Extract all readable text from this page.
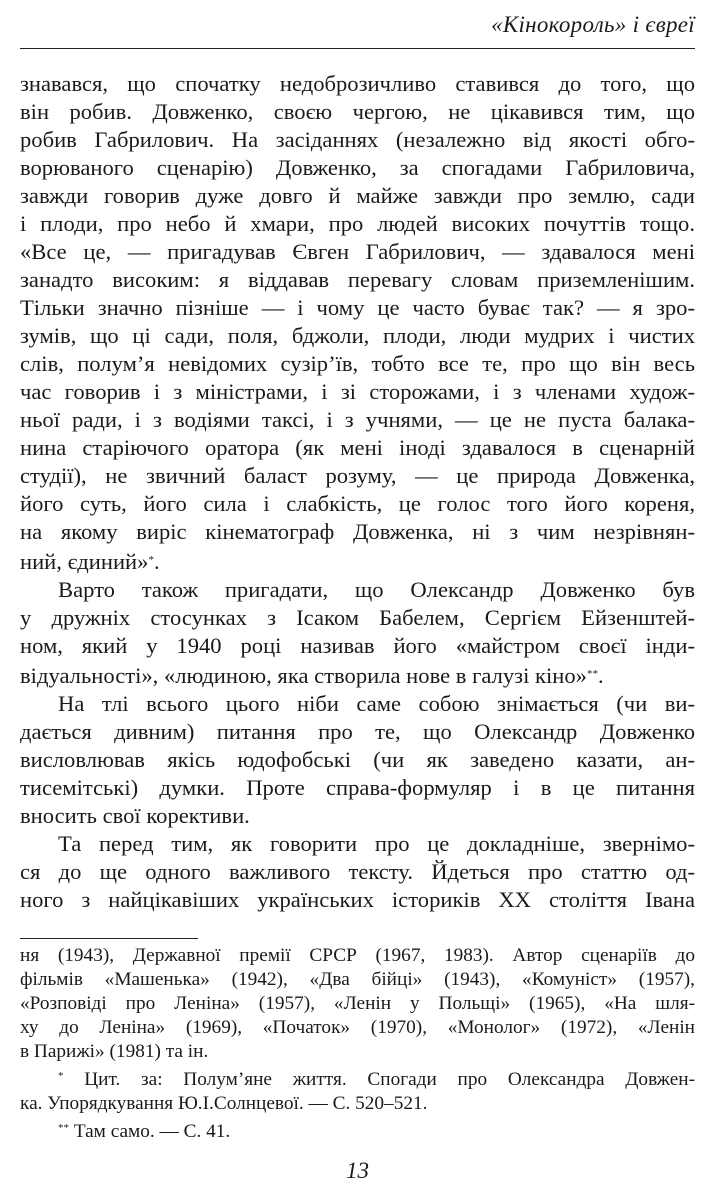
«Кінокороль» і євреї

знавався, що спочатку недоброзичливо ставився до того, що

він робив. Довженко, своєю чергою, не цікавився тим, що

робив Габрилович. На засіданнях (незалежно від якості обго-

ворюваного сценарію) Довженко, за спогадами Габриловича,

завжди говорив дуже довго й майже завжди про землю, сади

і плоди, про небо й хмари, про людей високих почуттів тощо.

«Все це, — пригадував Євген Габрилович, — здавалося мені

занадто високим: я віддавав перевагу словам приземленішим.

Тільки значно пізніше — і чому це часто буває так? — я зро-

зумів, що ці сади, поля, бджоли, плоди, люди мудрих і чистих

слів, полум’я невідомих сузір’їв, тобто все те, про що він весь

час говорив і з міністрами, і зі сторожами, і з членами худож-

ньої ради, і з водіями таксі, і з учнями, — це не пуста балака-

нина старіючого оратора (як мені іноді здавалося в сценарній

студії), не звичний баласт розуму, — це природа Довженка,

його суть, його сила і слабкість, це голос того його кореня,

на якому виріс кінематограф Довженка, ні з чим незрівнян-

ний, єдиний»*.

Варто також пригадати, що Олександр Довженко був

у дружніх стосунках з Ісаком Бабелем, Сергієм Ейзенштей-

ном, який у 1940 році називав його «майстром своєї інди-

відуальності», «людиною, яка створила нове в галузі кіно»**.

На тлі всього цього ніби саме собою знімається (чи ви-

дається дивним) питання про те, що Олександр Довженко

висловлював якісь юдофобські (чи як заведено казати, ан-

тисемітські) думки. Проте справа-формуляр і в це питання

вносить свої корективи.

Та перед тим, як говорити про це докладніше, звернімо-

ся до ще одного важливого тексту. Йдеться про статтю од-

ного з найцікавіших українських істориків XX століття Івана

ня (1943), Державної премії СРСР (1967, 1983). Автор сценаріїв до

фільмів «Машенька» (1942), «Два бійці» (1943), «Комуніст» (1957),

«Розповіді про Леніна» (1957), «Ленін у Польщі» (1965), «На шля-

ху до Леніна» (1969), «Початок» (1970), «Монолог» (1972), «Ленін

в Парижі» (1981) та ін.

* Цит. за: Полум’яне життя. Спогади про Олександра Довжен-

ка. Упорядкування Ю.І.Солнцевої. — С. 520–521.

** Там само. — С. 41.

13
